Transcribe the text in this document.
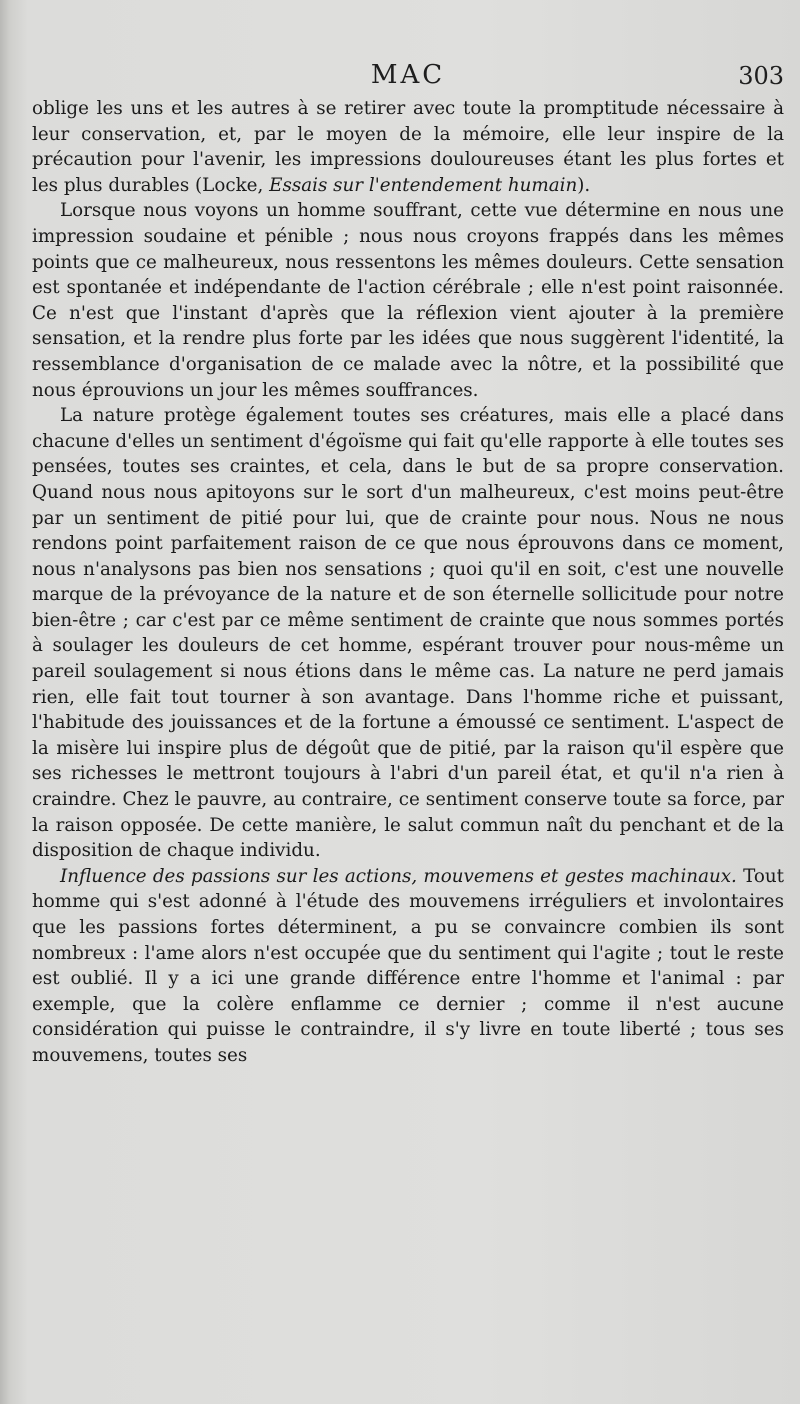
MAC	303

oblige les uns et les autres à se retirer avec toute la promptitude nécessaire à leur conservation, et, par le moyen de la mémoire, elle leur inspire de la précaution pour l'avenir, les impressions douloureuses étant les plus fortes et les plus durables (Locke, Essais sur l'entendement humain).

Lorsque nous voyons un homme souffrant, cette vue détermine en nous une impression soudaine et pénible ; nous nous croyons frappés dans les mêmes points que ce malheureux, nous ressentons les mêmes douleurs. Cette sensation est spontanée et indépendante de l'action cérébrale ; elle n'est point raisonnée. Ce n'est que l'instant d'après que la réflexion vient ajouter à la première sensation, et la rendre plus forte par les idées que nous suggèrent l'identité, la ressemblance d'organisation de ce malade avec la nôtre, et la possibilité que nous éprouvions un jour les mêmes souffrances.

La nature protège également toutes ses créatures, mais elle a placé dans chacune d'elles un sentiment d'égoïsme qui fait qu'elle rapporte à elle toutes ses pensées, toutes ses craintes, et cela, dans le but de sa propre conservation. Quand nous nous apitoyons sur le sort d'un malheureux, c'est moins peut-être par un sentiment de pitié pour lui, que de crainte pour nous. Nous ne nous rendons point parfaitement raison de ce que nous éprouvons dans ce moment, nous n'analysons pas bien nos sensations ; quoi qu'il en soit, c'est une nouvelle marque de la prévoyance de la nature et de son éternelle sollicitude pour notre bien-être ; car c'est par ce même sentiment de crainte que nous sommes portés à soulager les douleurs de cet homme, espérant trouver pour nous-même un pareil soulagement si nous étions dans le même cas. La nature ne perd jamais rien, elle fait tout tourner à son avantage. Dans l'homme riche et puissant, l'habitude des jouissances et de la fortune a émoussé ce sentiment. L'aspect de la misère lui inspire plus de dégoût que de pitié, par la raison qu'il espère que ses richesses le mettront toujours à l'abri d'un pareil état, et qu'il n'a rien à craindre. Chez le pauvre, au contraire, ce sentiment conserve toute sa force, par la raison opposée. De cette manière, le salut commun naît du penchant et de la disposition de chaque individu.

Influence des passions sur les actions, mouvemens et gestes machinaux. Tout homme qui s'est adonné à l'étude des mouvemens irréguliers et involontaires que les passions fortes déterminent, a pu se convaincre combien ils sont nombreux : l'ame alors n'est occupée que du sentiment qui l'agite ; tout le reste est oublié. Il y a ici une grande différence entre l'homme et l'animal : par exemple, que la colère enflamme ce dernier ; comme il n'est aucune considération qui puisse le contraindre, il s'y livre en toute liberté ; tous ses mouvemens, toutes ses
